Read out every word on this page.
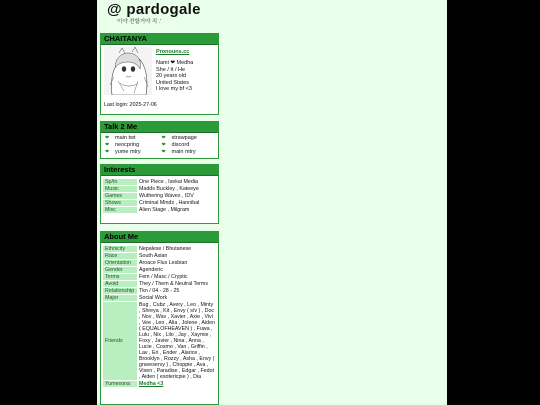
@ pardogale
이야 전할거야 직 .'
CHAITANYA
Pronouns.cc
Nami ❤ Medha
She / It / He
20 years old
United States
I love my bf <3
Last login: 2025-27-06
Talk 2 Me
❤ main twt	❤ strawpage
❤ neocpring	❤ discord
❤ yume mtry	❤ main mtry
Interests
Sp/In	One Piece , Isekai Media
Music	Madds Buckley , Kateeye
Games	Wuthering Waves , IDV
Shows	Criminal Minds , Hannibal
Misc	Alien Stage , Milgram
About Me
Ethnicity	Nepalese / Bhutanese
Race	South Asian
Orientation	Aroace Flux Lesbian
Gender	Agenderic
Terms	Fem / Masc / Cryptic
Avoid	They / Them & Neutral Terms
Relationship	Tkn / 04 - 28 - 25
Major	Social Work
Friends	Bug , Cubz , Avery , Leo , Minty , Shreya , Kit , Envy ( s/v ) , Doc , Nov , Wav , Xavier , Axie , Vivi , Vee , Leo , Alia , Jolene , Aiden ( EQUALOFHEAVEN ) , Fuwa , Lulu , Nix , Lilo , Jay , Xaymie , Foxy , Javier , Nina , Anna , Lucie , Cosmo , Van , Griffin , Lav , Eri , Ender , Alarice , Brooklyn , Rozzy , Asha , Envy ( graveservy ) , Choppie , Ava , Vixen , Paradise , Edgar , Fedot , Aiden ( esotericpie ) , Dia
Yumesona	Medha <3
